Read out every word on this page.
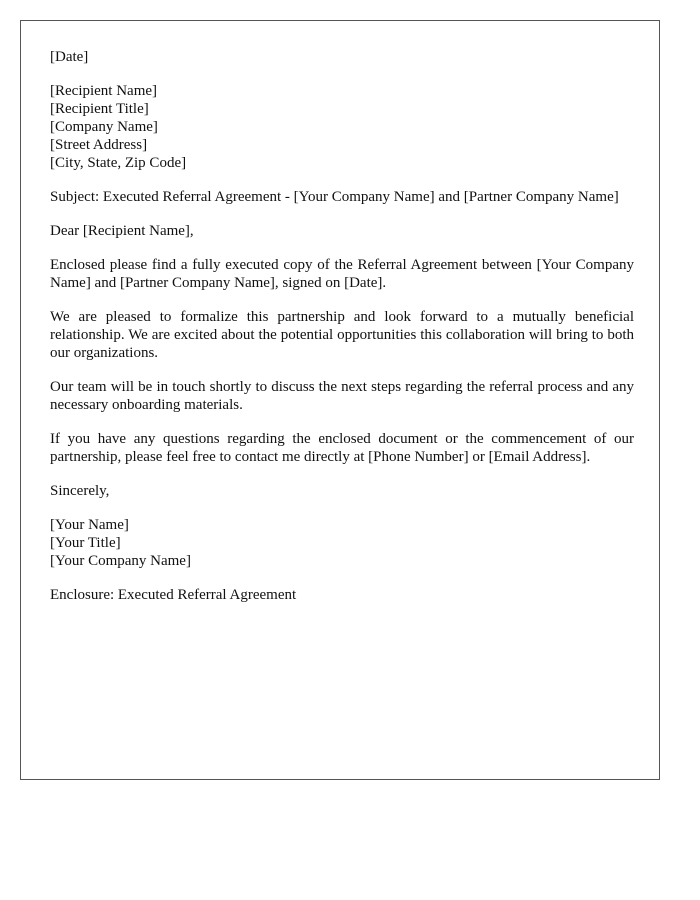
[Date]

[Recipient Name]
[Recipient Title]
[Company Name]
[Street Address]
[City, State, Zip Code]

Subject: Executed Referral Agreement - [Your Company Name] and [Partner Company Name]

Dear [Recipient Name],

Enclosed please find a fully executed copy of the Referral Agreement between [Your Company Name] and [Partner Company Name], signed on [Date].

We are pleased to formalize this partnership and look forward to a mutually beneficial relationship. We are excited about the potential opportunities this collaboration will bring to both our organizations.

Our team will be in touch shortly to discuss the next steps regarding the referral process and any necessary onboarding materials.

If you have any questions regarding the enclosed document or the commencement of our partnership, please feel free to contact me directly at [Phone Number] or [Email Address].

Sincerely,

[Your Name]
[Your Title]
[Your Company Name]

Enclosure: Executed Referral Agreement
